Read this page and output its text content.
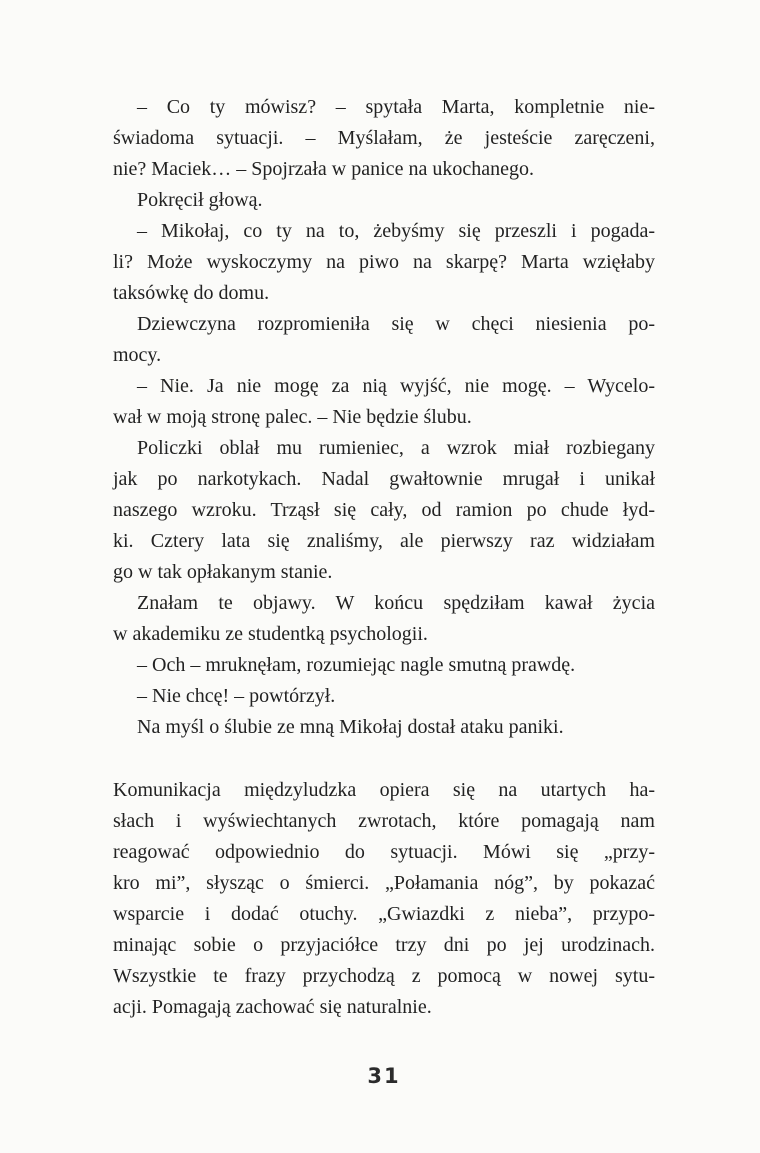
– Co ty mówisz? – spytała Marta, kompletnie nie-
świadoma sytuacji. – Myślałam, że jesteście zaręczeni,
nie? Maciek… – Spojrzała w panice na ukochanego.
Pokręcił głową.
– Mikołaj, co ty na to, żebyśmy się przeszli i pogada-
li? Może wyskoczymy na piwo na skarpę? Marta wzięłaby
taksówkę do domu.
Dziewczyna rozpromieniła się w chęci niesienia po-
mocy.
– Nie. Ja nie mogę za nią wyjść, nie mogę. – Wycelo-
wał w moją stronę palec. – Nie będzie ślubu.
Policzki oblał mu rumieniec, a wzrok miał rozbiegany
jak po narkotykach. Nadal gwałtownie mrugał i unikał
naszego wzroku. Trząsł się cały, od ramion po chude łyd-
ki. Cztery lata się znaliśmy, ale pierwszy raz widziałam
go w tak opłakanym stanie.
Znałam te objawy. W końcu spędziłam kawał życia
w akademiku ze studentką psychologii.
– Och – mruknęłam, rozumiejąc nagle smutną prawdę.
– Nie chcę! – powtórzył.
Na myśl o ślubie ze mną Mikołaj dostał ataku paniki.
Komunikacja międzyludzka opiera się na utartych ha-
słach i wyświechtanych zwrotach, które pomagają nam
reagować odpowiednio do sytuacji. Mówi się „przy-
kro mi”, słysząc o śmierci. „Połamania nóg”, by pokazać
wsparcie i dodać otuchy. „Gwiazdki z nieba”, przypo-
minając sobie o przyjaciółce trzy dni po jej urodzinach.
Wszystkie te frazy przychodzą z pomocą w nowej sytu-
acji. Pomagają zachować się naturalnie.
31
